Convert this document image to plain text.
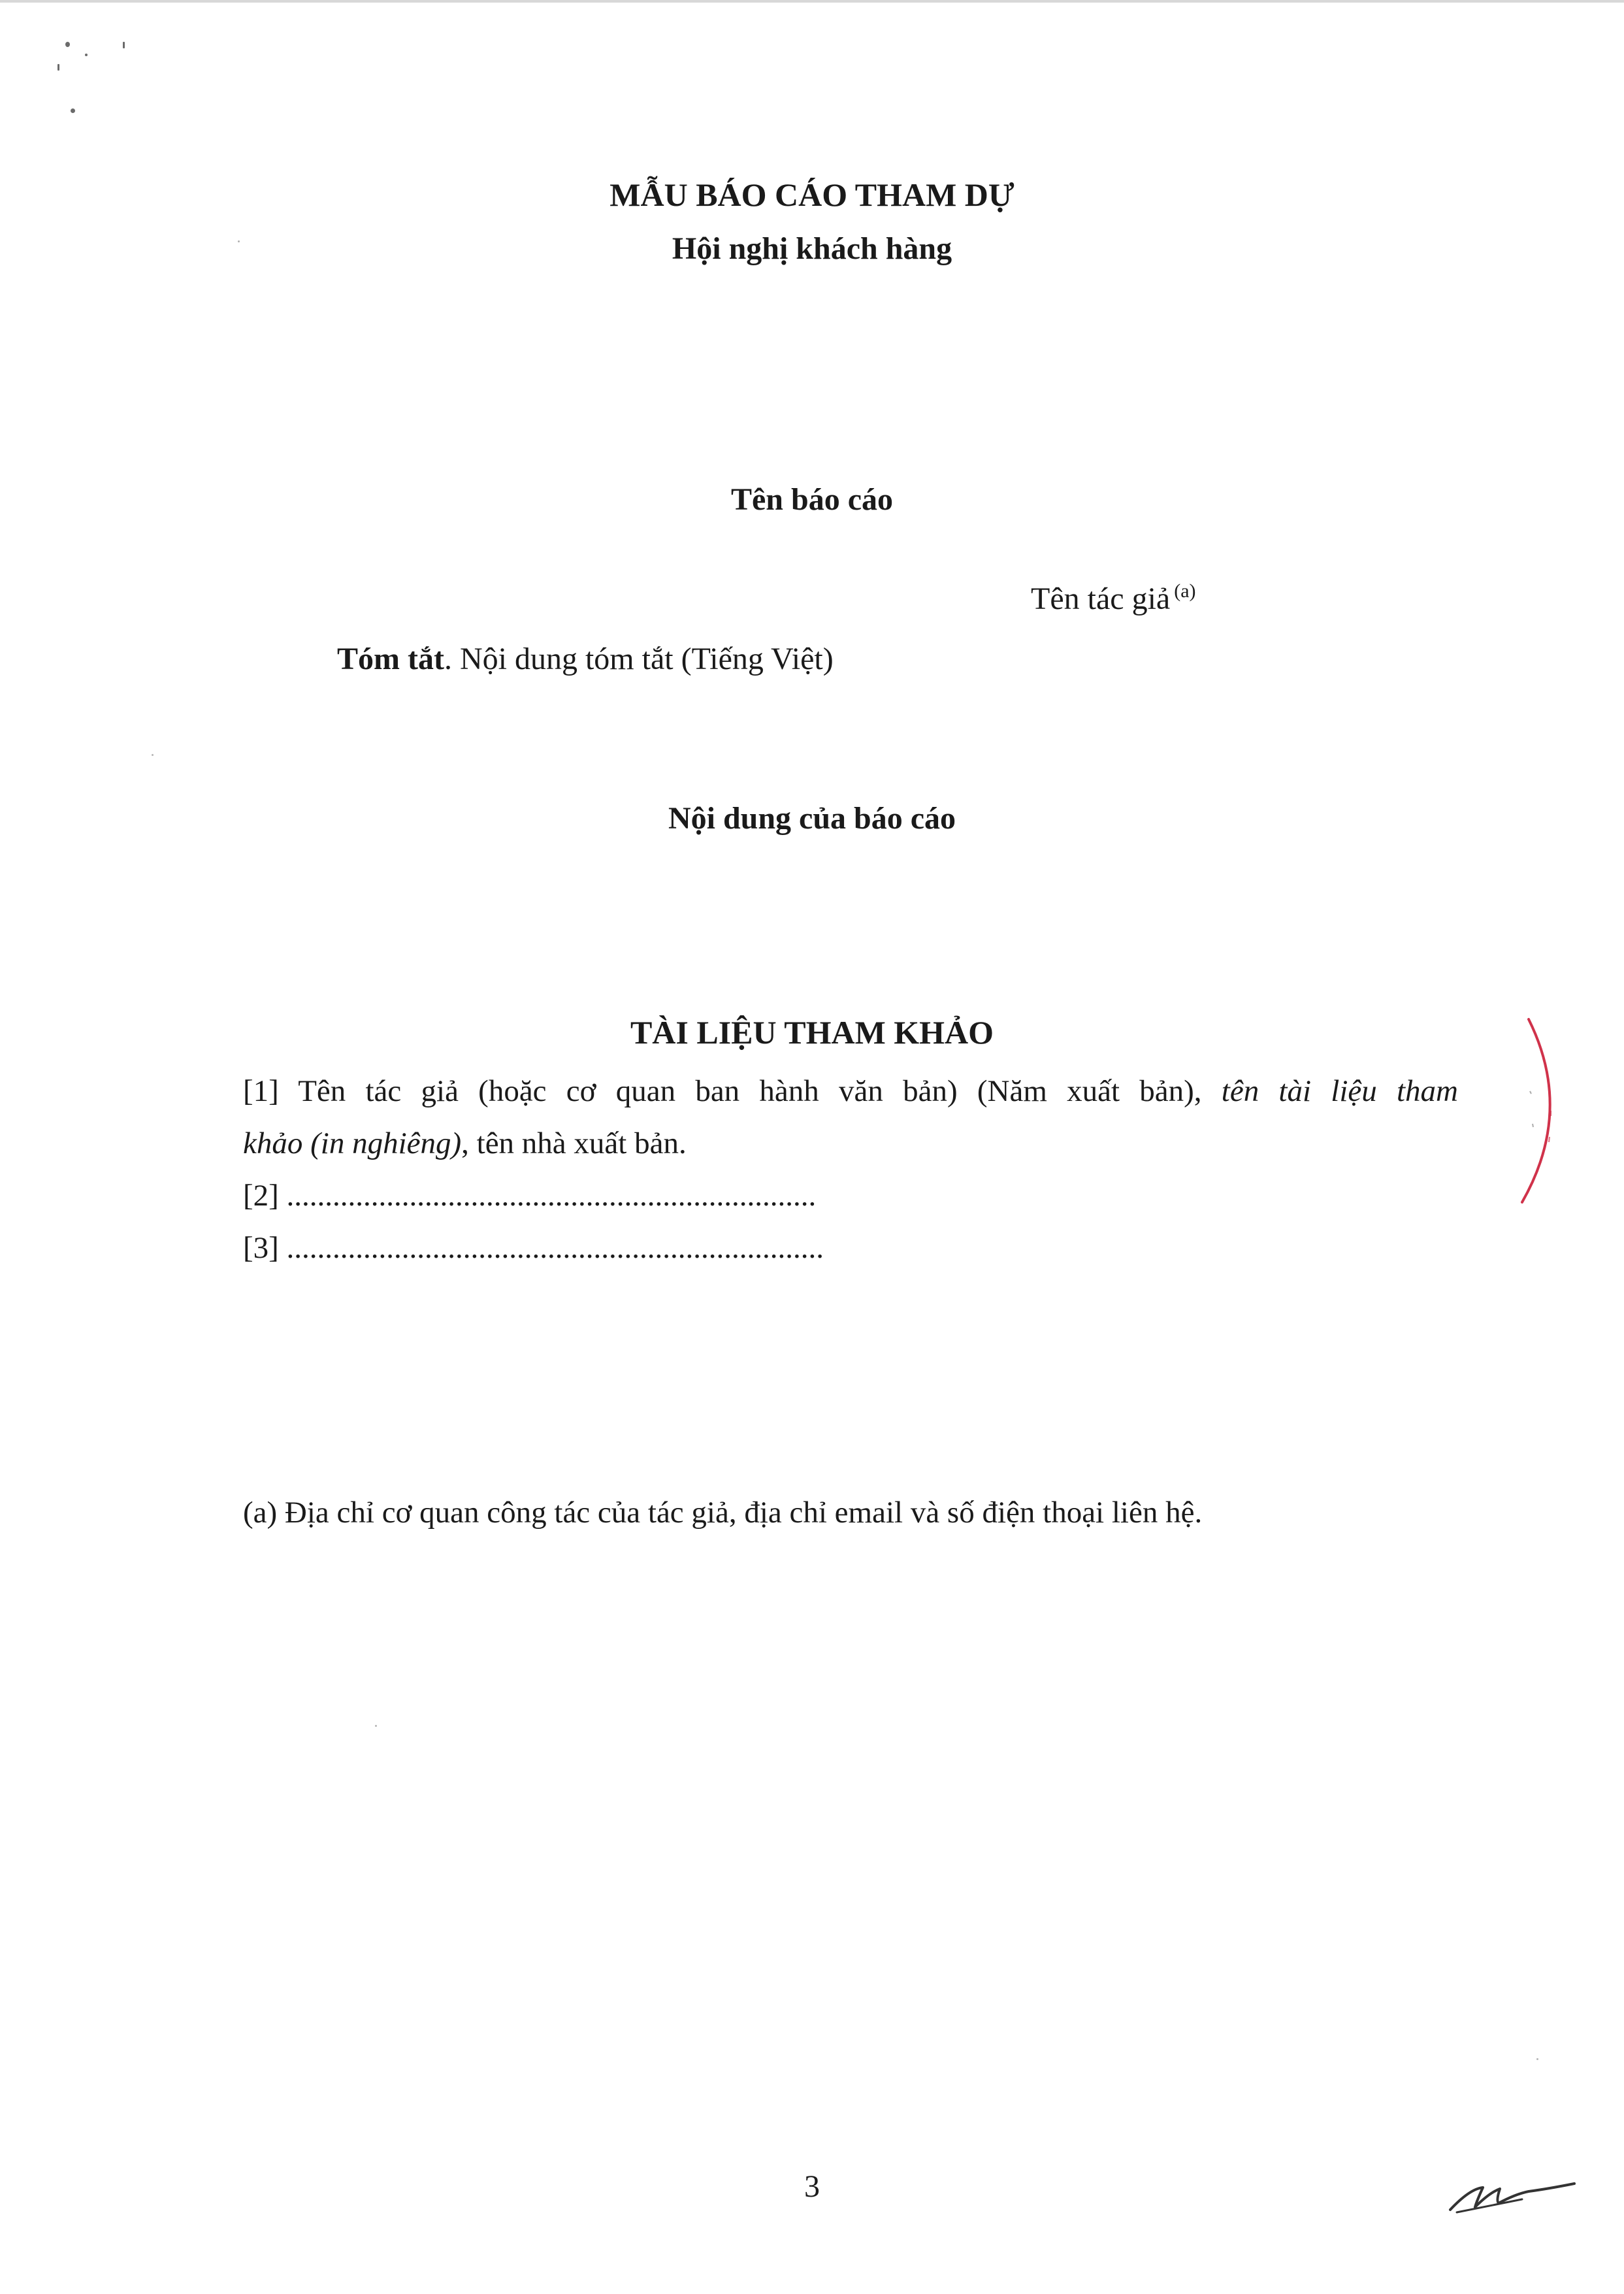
MẪU BÁO CÁO THAM DỰ
Hội nghị khách hàng
Tên báo cáo
Tên tác giả $^{(a)}$
Tóm tắt. Nội dung tóm tắt (Tiếng Việt)
Nội dung của báo cáo
TÀI LIỆU THAM KHẢO
[1] Tên tác giả (hoặc cơ quan ban hành văn bản) (Năm xuất bản), tên tài liệu tham
khảo (in nghiêng), tên nhà xuất bản.
[2] .....................................................................
[3] ......................................................................
(a) Địa chỉ cơ quan công tác của tác giả, địa chỉ email và số điện thoại liên hệ.
3
